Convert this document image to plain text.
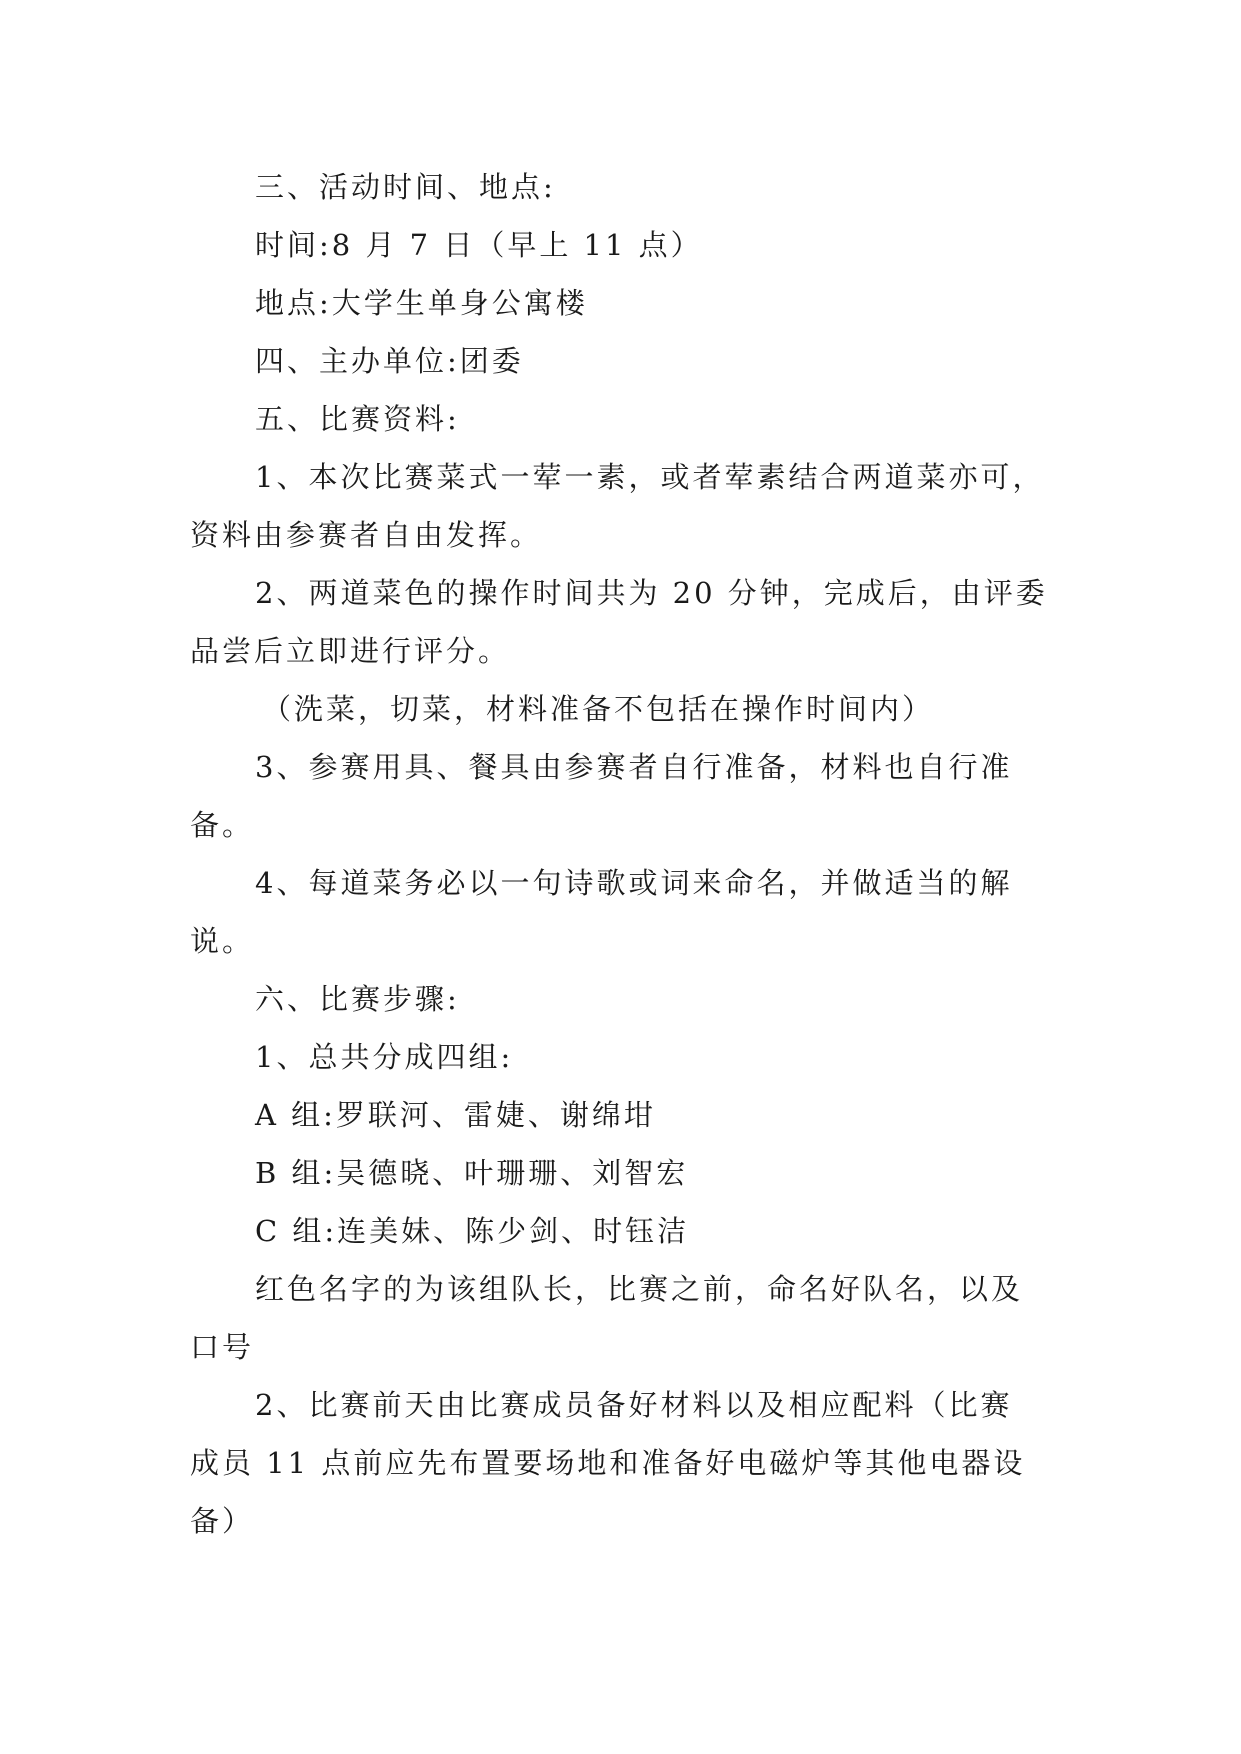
三、活动时间、地点:

时间:8 月 7 日（早上 11 点）

地点:大学生单身公寓楼

四、主办单位:团委

五、比赛资料:

1、本次比赛菜式一荤一素，或者荤素结合两道菜亦可，

资料由参赛者自由发挥。

2、两道菜色的操作时间共为 20 分钟，完成后，由评委

品尝后立即进行评分。

（洗菜，切菜，材料准备不包括在操作时间内）

3、参赛用具、餐具由参赛者自行准备，材料也自行准

备。

4、每道菜务必以一句诗歌或词来命名，并做适当的解

说。

六、比赛步骤:

1、总共分成四组:

A 组:罗联河、雷婕、谢绵坩

B 组:吴德晓、叶珊珊、刘智宏

C 组:连美妹、陈少剑、时钰洁

红色名字的为该组队长，比赛之前，命名好队名，以及

口号

2、比赛前天由比赛成员备好材料以及相应配料（比赛

成员 11 点前应先布置要场地和准备好电磁炉等其他电器设

备）
